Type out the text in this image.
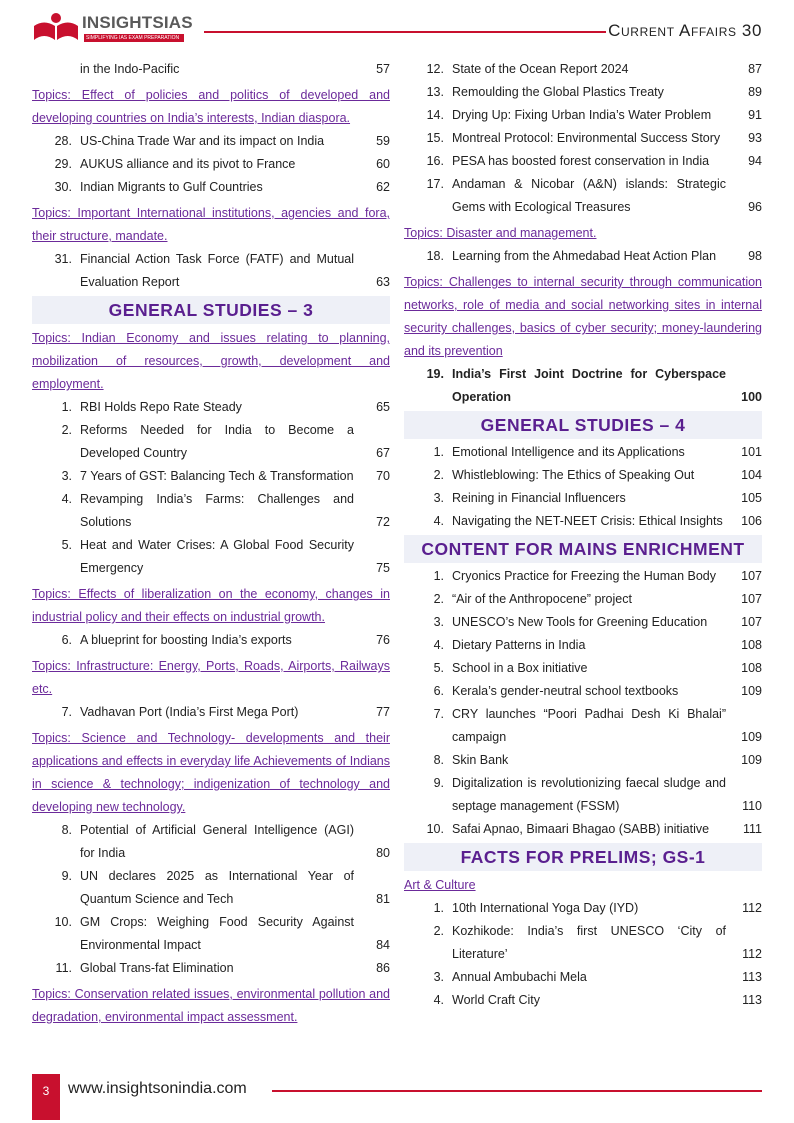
INSIGHTSIAS
SIMPLIFYING IAS EXAM PREPARATION	Current Affairs 30
in the Indo-Pacific	57
Topics: Effect of policies and politics of developed and developing countries on India’s interests, Indian diaspora.
28. US-China Trade War and its impact on India	59
29. AUKUS alliance and its pivot to France	60
30. Indian Migrants to Gulf Countries	62
Topics: Important International institutions, agencies and fora, their structure, mandate.
31. Financial Action Task Force (FATF) and Mutual Evaluation Report	63
GENERAL STUDIES – 3
Topics: Indian Economy and issues relating to planning, mobilization of resources, growth, development and employment.
1. RBI Holds Repo Rate Steady	65
2. Reforms Needed for India to Become a Developed Country	67
3. 7 Years of GST: Balancing Tech & Transformation	70
4. Revamping India’s Farms: Challenges and Solutions	72
5. Heat and Water Crises: A Global Food Security Emergency	75
Topics: Effects of liberalization on the economy, changes in industrial policy and their effects on industrial growth.
6. A blueprint for boosting India’s exports	76
Topics: Infrastructure: Energy, Ports, Roads, Airports, Railways etc.
7. Vadhavan Port (India’s First Mega Port)	77
Topics: Science and Technology- developments and their applications and effects in everyday life Achievements of Indians in science & technology; indigenization of technology and developing new technology.
8. Potential of Artificial General Intelligence (AGI) for India	80
9. UN declares 2025 as International Year of Quantum Science and Tech	81
10. GM Crops: Weighing Food Security Against Environmental Impact	84
11. Global Trans-fat Elimination	86
Topics: Conservation related issues, environmental pollution and degradation, environmental impact assessment.
12. State of the Ocean Report 2024	87
13. Remoulding the Global Plastics Treaty	89
14. Drying Up: Fixing Urban India’s Water Problem	91
15. Montreal Protocol: Environmental Success Story	93
16. PESA has boosted forest conservation in India	94
17. Andaman & Nicobar (A&N) islands: Strategic Gems with Ecological Treasures	96
Topics: Disaster and management.
18. Learning from the Ahmedabad Heat Action Plan	98
Topics: Challenges to internal security through communication networks, role of media and social networking sites in internal security challenges, basics of cyber security; money-laundering and its prevention
19. India’s First Joint Doctrine for Cyberspace Operation	100
GENERAL STUDIES – 4
1. Emotional Intelligence and its Applications	101
2. Whistleblowing: The Ethics of Speaking Out	104
3. Reining in Financial Influencers	105
4. Navigating the NET-NEET Crisis: Ethical Insights	106
CONTENT FOR MAINS ENRICHMENT
1. Cryonics Practice for Freezing the Human Body	107
2. “Air of the Anthropocene” project	107
3. UNESCO’s New Tools for Greening Education	107
4. Dietary Patterns in India	108
5. School in a Box initiative	108
6. Kerala’s gender-neutral school textbooks	109
7. CRY launches “Poori Padhai Desh Ki Bhalai” campaign	109
8. Skin Bank	109
9. Digitalization is revolutionizing faecal sludge and septage management (FSSM)	110
10. Safai Apnao, Bimaari Bhagao (SABB) initiative	111
FACTS FOR PRELIMS; GS-1
Art & Culture
1. 10th International Yoga Day (IYD)	112
2. Kozhikode: India’s first UNESCO ‘City of Literature’	112
3. Annual Ambubachi Mela	113
4. World Craft City	113
3	www.insightsonindia.com
